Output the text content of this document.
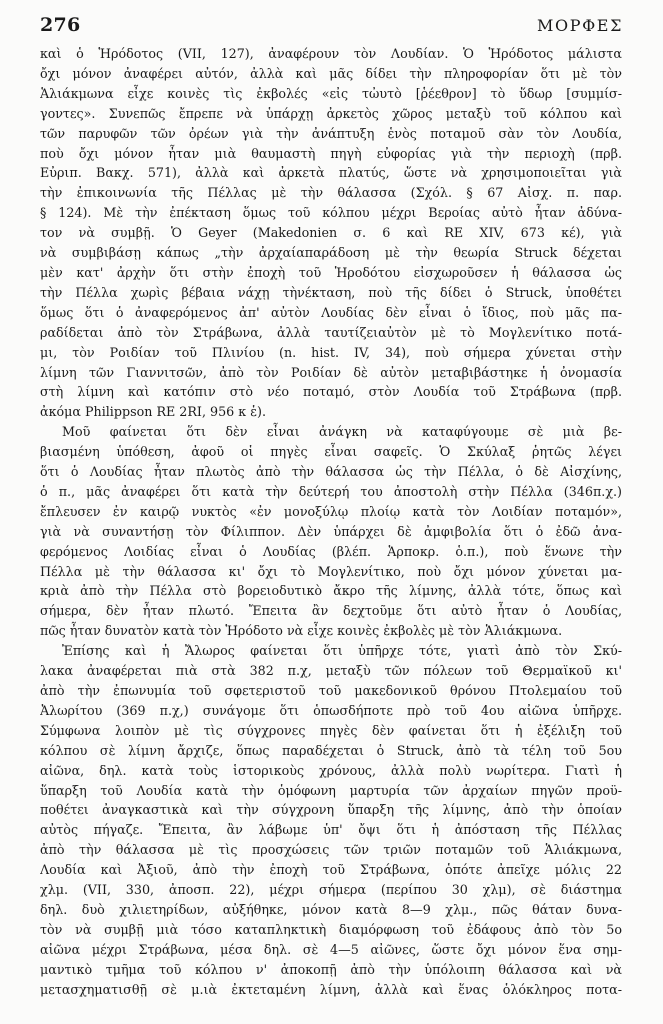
276	ΜΟΡΦΕΣ
καὶ ὁ Ἡρόδοτος (VII, 127), ἀναφέρουν τὸν Λουδίαν. Ὁ Ἡρόδοτος μάλιστα
ὄχι μόνον ἀναφέρει αὐτόν, ἀλλὰ καὶ μᾶς δίδει τὴν πληροφορίαν ὅτι μὲ τὸν
Ἁλιάκμωνα εἶχε κοινὲς τὶς ἐκβολές «εἰς τὠυτὸ [ῥέεθρον] τὸ ὕδωρ [συμμίσ-
γοντες». Συνεπῶς ἔπρεπε νὰ ὑπάρχῃ ἀρκετὸς χῶρος μεταξὺ τοῦ κόλπου καὶ
τῶν παρυφῶν τῶν ὀρέων γιὰ τὴν ἀνάπτυξη ἑνὸς ποταμοῦ σὰν τὸν Λουδία,
ποὺ ὄχι μόνον ἦταν μιὰ θαυμαστὴ πηγὴ εὐφορίας γιὰ τὴν περιοχὴ (πρβ.
Εὐριπ. Βακχ. 571), ἀλλὰ καὶ ἀρκετὰ πλατύς, ὥστε νὰ χρησιμοποιεῖται γιὰ
τὴν ἐπικοινωνία τῆς Πέλλας μὲ τὴν θάλασσα (Σχόλ. § 67 Αἰσχ. π. παρ.
§ 124). Μὲ τὴν ἐπέκταση ὅμως τοῦ κόλπου μέχρι Βεροίας αὐτὸ ἦταν ἀδύνα-
τον νὰ συμβῇ. Ὁ Geyer (Makedonien σ. 6 καὶ RE XIV, 673 κέ), γιὰ
νὰ συμβιβάσῃ κάπως „τὴν ἀρχαίαπαράδοση μὲ τὴν θεωρία Struck δέχεται
μὲν κατ' ἀρχὴν ὅτι στὴν ἐποχὴ τοῦ Ἡροδότου εἰσχωροῦσεν ἡ θάλασσα ὡς
τὴν Πέλλα χωρὶς βέβαια νάχῃ τὴνέκταση, ποὺ τῆς δίδει ὁ Struck, ὑποθέτει
ὅμως ὅτι ὁ ἀναφερόμενος ἀπ' αὐτὸν Λουδίας δὲν εἶναι ὁ ἴδιος, ποὺ μᾶς πα-
ραδίδεται ἀπὸ τὸν Στράβωνα, ἀλλὰ ταυτίζειαὐτὸν μὲ τὸ Μογλενίτικο ποτά-
μι, τὸν Ροιδίαν τοῦ Πλινίου (n. hist. IV, 34), ποὺ σήμερα χύνεται στὴν
λίμνη τῶν Γιαννιτσῶν, ἀπὸ τὸν Ροιδίαν δὲ αὐτὸν μεταβιβάστηκε ἡ ὀνομασία
στὴ λίμνη καὶ κατόπιν στὸ νέο ποταμό, στὸν Λουδία τοῦ Στράβωνα (πρβ.
ἀκόμα Philippson RE 2RI, 956 κ ἑ).
Μοῦ φαίνεται ὅτι δὲν εἶναι ἀνάγκη νὰ καταφύγουμε σὲ μιὰ βε-
βιασμένη ὑπόθεση, ἀφοῦ οἱ πηγὲς εἶναι σαφεῖς. Ὁ Σκύλαξ ῥητῶς λέγει
ὅτι ὁ Λουδίας ἦταν πλωτὸς ἀπὸ τὴν θάλασσα ὡς τὴν Πέλλα, ὁ δὲ Αἰσχίνης,
ὁ π., μᾶς ἀναφέρει ὅτι κατὰ τὴν δεύτερή του ἀποστολὴ στὴν Πέλλα (346π.χ.)
ἔπλευσεν ἐν καιρῷ νυκτὸς «ἐν μονοξύλῳ πλοίῳ κατὰ τὸν Λοιδίαν ποταμόν»,
γιὰ νὰ συναντήσῃ τὸν Φίλιππον. Δὲν ὑπάρχει δὲ ἀμφιβολία ὅτι ὁ ἐδῶ ἀνα-
φερόμενος Λοιδίας εἶναι ὁ Λουδίας (βλέπ. Ἁρποκρ. ὁ.π.), ποὺ ἕνωνε τὴν
Πέλλα μὲ τὴν θάλασσα κι' ὄχι τὸ Μογλενίτικο, ποὺ ὄχι μόνον χύνεται μα-
κριὰ ἀπὸ τὴν Πέλλα στὸ βορειοδυτικὸ ἄκρο τῆς λίμνης, ἀλλὰ τότε, ὅπως καὶ
σήμερα, δὲν ἦταν πλωτό. Ἔπειτα ἂν δεχτοῦμε ὅτι αὐτὸ ἦταν ὁ Λουδίας,
πῶς ἦταν δυνατὸν κατὰ τὸν Ἡρόδοτο νὰ εἶχε κοινὲς ἐκβολὲς μὲ τὸν Ἁλιάκμωνα.
Ἐπίσης καὶ ἡ Ἄλωρος φαίνεται ὅτι ὑπῆρχε τότε, γιατὶ ἀπὸ τὸν Σκύ-
λακα ἀναφέρεται πιὰ στὰ 382 π.χ, μεταξὺ τῶν πόλεων τοῦ Θερμαϊκοῦ κι'
ἀπὸ τὴν ἐπωνυμία τοῦ σφετεριστοῦ τοῦ μακεδονικοῦ θρόνου Πτολεμαίου τοῦ
Ἀλωρίτου (369 π.χ,) συνάγομε ὅτι ὁπωσδήποτε πρὸ τοῦ 4ου αἰῶνα ὑπῆρχε.
Σύμφωνα λοιπὸν μὲ τὶς σύγχρονες πηγὲς δὲν φαίνεται ὅτι ἡ ἐξέλιξη τοῦ
κόλπου σὲ λίμνη ἄρχιζε, ὅπως παραδέχεται ὁ Struck, ἀπὸ τὰ τέλη τοῦ 5ου
αἰῶνα, δηλ. κατὰ τοὺς ἱστορικοὺς χρόνους, ἀλλὰ πολὺ νωρίτερα. Γιατὶ ἡ
ὕπαρξη τοῦ Λουδία κατὰ τὴν ὁμόφωνη μαρτυρία τῶν ἀρχαίων πηγῶν προϋ-
ποθέτει ἀναγκαστικὰ καὶ τὴν σύγχρονη ὕπαρξη τῆς λίμνης, ἀπὸ τὴν ὁποίαν
αὐτὸς πήγαζε. Ἔπειτα, ἂν λάβωμε ὑπ' ὄψι ὅτι ἡ ἀπόσταση τῆς Πέλλας
ἀπὸ τὴν θάλασσα μὲ τὶς προσχώσεις τῶν τριῶν ποταμῶν τοῦ Ἁλιάκμωνα,
Λουδία καὶ Ἀξιοῦ, ἀπὸ τὴν ἐποχὴ τοῦ Στράβωνα, ὁπότε ἀπεῖχε μόλις 22
χλμ. (VII, 330, ἀποσπ. 22), μέχρι σήμερα (περίπου 30 χλμ), σὲ διάστημα
δηλ. δυὸ χιλιετηρίδων, αὐξήθηκε, μόνον κατὰ 8—9 χλμ., πῶς θάταν δυνα-
τὸν νὰ συμβῇ μιὰ τόσο καταπληκτικὴ διαμόρφωση τοῦ ἐδάφους ἀπὸ τὸν 5ο
αἰῶνα μέχρι Στράβωνα, μέσα δηλ. σὲ 4—5 αἰῶνες, ὥστε ὄχι μόνον ἕνα σημ-
μαντικὸ τμῆμα τοῦ κόλπου ν' ἀποκοπῇ ἀπὸ τὴν ὑπόλοιπη θάλασσα καὶ νὰ
μετασχηματισθῇ σὲ μ.ιὰ ἐκτεταμένη λίμνη, ἀλλὰ καὶ ἕνας ὁλόκληρος ποτα-
